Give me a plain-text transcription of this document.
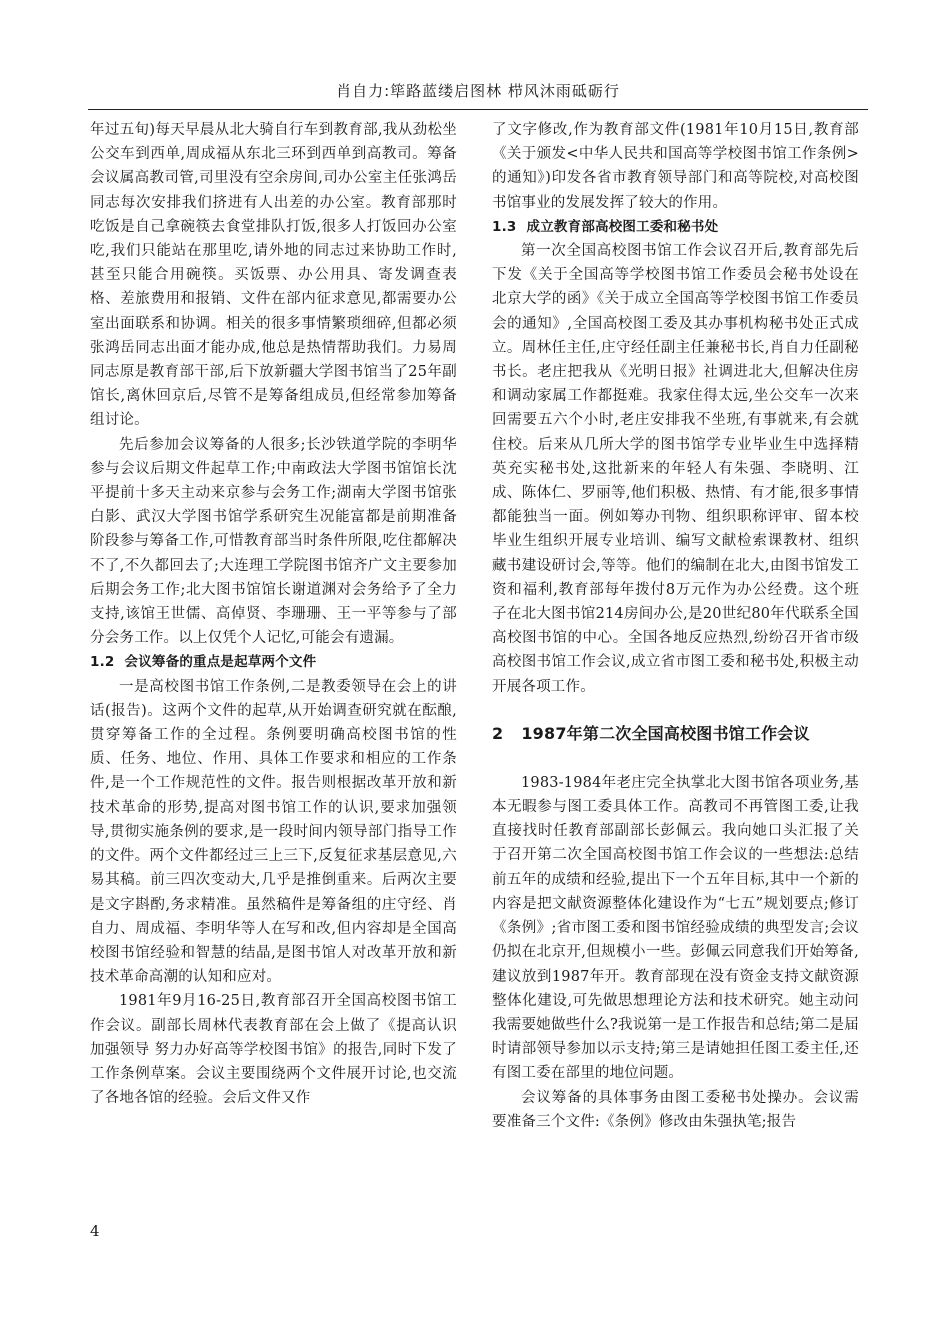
肖自力:筚路蓝缕启图林 栉风沐雨砥砺行

年过五旬)每天早晨从北大骑自行车到教育部,我从劲松坐公交车到西单,周成福从东北三环到西单到高教司。筹备会议属高教司管,司里没有空余房间,司办公室主任张鸿岳同志每次安排我们挤进有人出差的办公室。教育部那时吃饭是自己拿碗筷去食堂排队打饭,很多人打饭回办公室吃,我们只能站在那里吃,请外地的同志过来协助工作时,甚至只能合用碗筷。买饭票、办公用具、寄发调查表格、差旅费用和报销、文件在部内征求意见,都需要办公室出面联系和协调。相关的很多事情繁琐细碎,但都必须张鸿岳同志出面才能办成,他总是热情帮助我们。力易周同志原是教育部干部,后下放新疆大学图书馆当了25年副馆长,离休回京后,尽管不是筹备组成员,但经常参加筹备组讨论。

先后参加会议筹备的人很多;长沙铁道学院的李明华参与会议后期文件起草工作;中南政法大学图书馆馆长沈平提前十多天主动来京参与会务工作;湖南大学图书馆张白影、武汉大学图书馆学系研究生况能富都是前期准备阶段参与筹备工作,可惜教育部当时条件所限,吃住都解决不了,不久都回去了;大连理工学院图书馆齐广文主要参加后期会务工作;北大图书馆馆长谢道渊对会务给予了全力支持,该馆王世儒、高倬贤、李珊珊、王一平等参与了部分会务工作。以上仅凭个人记忆,可能会有遗漏。

1.2 会议筹备的重点是起草两个文件

一是高校图书馆工作条例,二是教委领导在会上的讲话(报告)。这两个文件的起草,从开始调查研究就在酝酿,贯穿筹备工作的全过程。条例要明确高校图书馆的性质、任务、地位、作用、具体工作要求和相应的工作条件,是一个工作规范性的文件。报告则根据改革开放和新技术革命的形势,提高对图书馆工作的认识,要求加强领导,贯彻实施条例的要求,是一段时间内领导部门指导工作的文件。两个文件都经过三上三下,反复征求基层意见,六易其稿。前三四次变动大,几乎是推倒重来。后两次主要是文字斟酌,务求精准。虽然稿件是筹备组的庄守经、肖自力、周成福、李明华等人在写和改,但内容却是全国高校图书馆经验和智慧的结晶,是图书馆人对改革开放和新技术革命高潮的认知和应对。

1981年9月16-25日,教育部召开全国高校图书馆工作会议。副部长周林代表教育部在会上做了《提高认识 加强领导 努力办好高等学校图书馆》的报告,同时下发了工作条例草案。会议主要围绕两个文件展开讨论,也交流了各地各馆的经验。会后文件又作

了文字修改,作为教育部文件(1981年10月15日,教育部《关于颁发<中华人民共和国高等学校图书馆工作条例>的通知》)印发各省市教育领导部门和高等院校,对高校图书馆事业的发展发挥了较大的作用。

1.3 成立教育部高校图工委和秘书处

第一次全国高校图书馆工作会议召开后,教育部先后下发《关于全国高等学校图书馆工作委员会秘书处设在北京大学的函》《关于成立全国高等学校图书馆工作委员会的通知》,全国高校图工委及其办事机构秘书处正式成立。周林任主任,庄守经任副主任兼秘书长,肖自力任副秘书长。老庄把我从《光明日报》社调进北大,但解决住房和调动家属工作都挺难。我家住得太远,坐公交车一次来回需要五六个小时,老庄安排我不坐班,有事就来,有会就住校。后来从几所大学的图书馆学专业毕业生中选择精英充实秘书处,这批新来的年轻人有朱强、李晓明、江成、陈体仁、罗丽等,他们积极、热情、有才能,很多事情都能独当一面。例如筹办刊物、组织职称评审、留本校毕业生组织开展专业培训、编写文献检索课教材、组织藏书建设研讨会,等等。他们的编制在北大,由图书馆发工资和福利,教育部每年拨付8万元作为办公经费。这个班子在北大图书馆214房间办公,是20世纪80年代联系全国高校图书馆的中心。全国各地反应热烈,纷纷召开省市级高校图书馆工作会议,成立省市图工委和秘书处,积极主动开展各项工作。

2 1987年第二次全国高校图书馆工作会议

1983-1984年老庄完全执掌北大图书馆各项业务,基本无暇参与图工委具体工作。高教司不再管图工委,让我直接找时任教育部副部长彭佩云。我向她口头汇报了关于召开第二次全国高校图书馆工作会议的一些想法:总结前五年的成绩和经验,提出下一个五年目标,其中一个新的内容是把文献资源整体化建设作为“七五”规划要点;修订《条例》;省市图工委和图书馆经验成绩的典型发言;会议仍拟在北京开,但规模小一些。彭佩云同意我们开始筹备,建议放到1987年开。教育部现在没有资金支持文献资源整体化建设,可先做思想理论方法和技术研究。她主动问我需要她做些什么?我说第一是工作报告和总结;第二是届时请部领导参加以示支持;第三是请她担任图工委主任,还有图工委在部里的地位问题。

会议筹备的具体事务由图工委秘书处操办。会议需要准备三个文件:《条例》修改由朱强执笔;报告

4
